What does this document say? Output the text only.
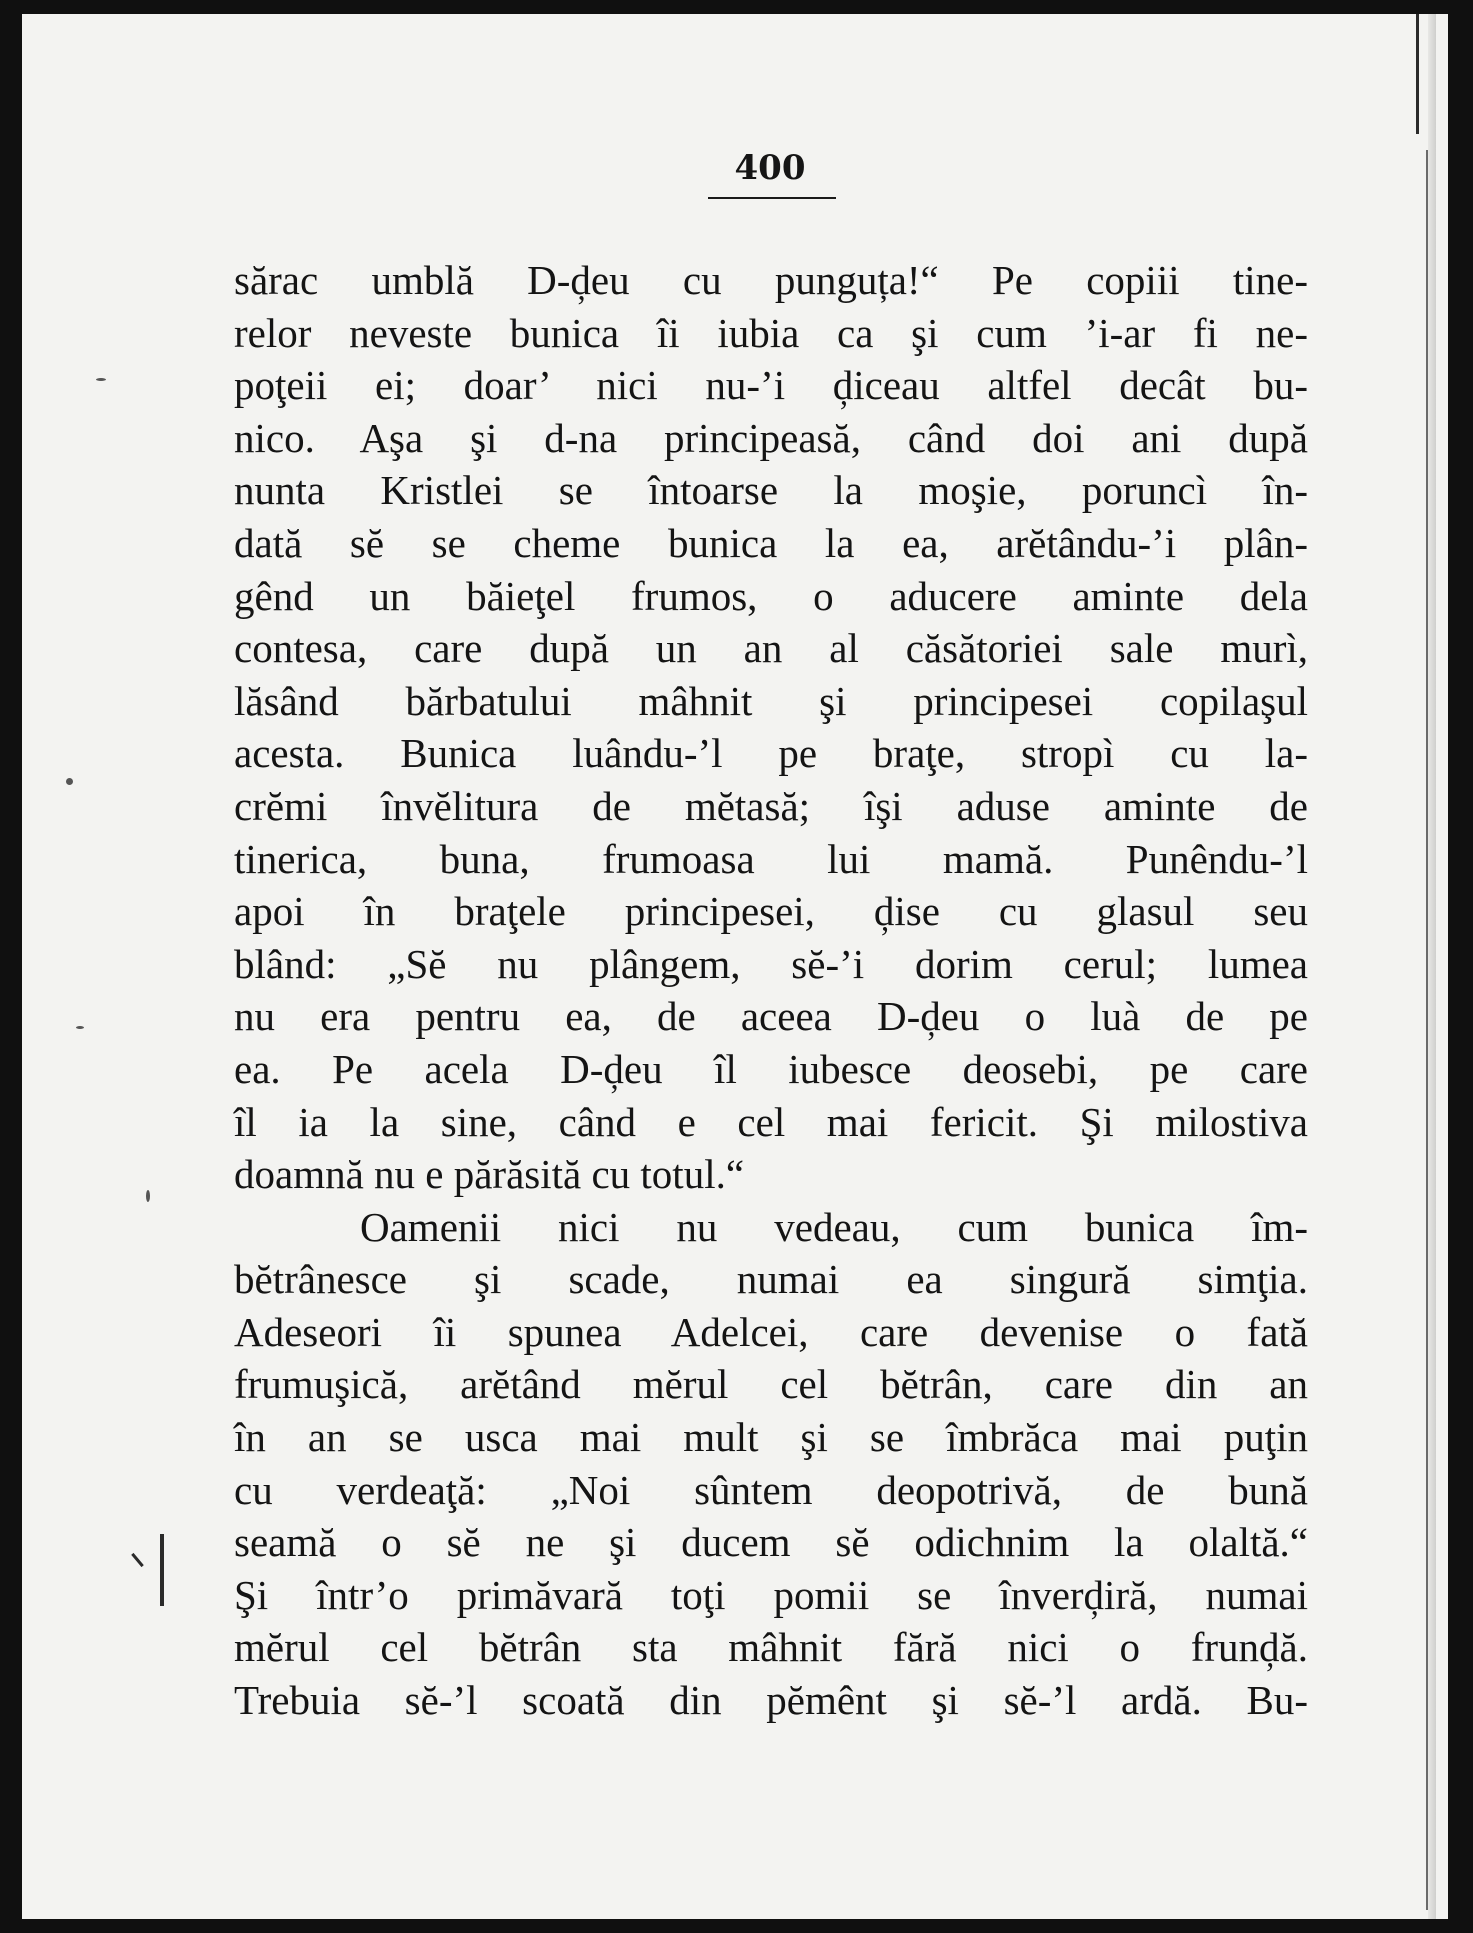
400
sărac umblă D-ḑeu cu punguța!“ Pe copiii tine-
relor neveste bunica îi iubia ca şi cum ’i-ar fi ne-
poţeii ei; doar’ nici nu-’i ḑiceau altfel decât bu-
nico. Aşa şi d-na principeasă, când doi ani după
nunta Kristlei se întoarse la moşie, poruncì în-
dată sĕ se cheme bunica la ea, arĕtându-’i plân-
gênd un băieţel frumos, o aducere aminte dela
contesa, care după un an al căsătoriei sale murì,
lăsând bărbatului mâhnit şi principesei copilaşul
acesta. Bunica luându-’l pe braţe, stropì cu la-
crĕmi învĕlitura de mĕtasă; îşi aduse aminte de
tinerica, buna, frumoasa lui mamă. Punêndu-’l
apoi în braţele principesei, ḑise cu glasul seu
blând: „Sĕ nu plângem, sĕ-’i dorim cerul; lumea
nu era pentru ea, de aceea D-ḑeu o luà de pe
ea. Pe acela D-ḑeu îl iubesce deosebi, pe care
îl ia la sine, când e cel mai fericit. Şi milostiva
doamnă nu e părăsită cu totul.“
Oamenii nici nu vedeau, cum bunica îm-
bĕtrânesce şi scade, numai ea singură simţia.
Adeseori îi spunea Adelcei, care devenise o fată
frumuşică, arĕtând mĕrul cel bĕtrân, care din an
în an se usca mai mult şi se îmbrăca mai puţin
cu verdeaţă: „Noi sûntem deopotrivă, de bună
seamă o sĕ ne şi ducem sĕ odichnim la olaltă.“
Şi într’o primăvară toţi pomii se înverḑiră, numai
mĕrul cel bĕtrân sta mâhnit fără nici o frunḑă.
Trebuia sĕ-’l scoată din pĕmênt şi sĕ-’l ardă. Bu-
